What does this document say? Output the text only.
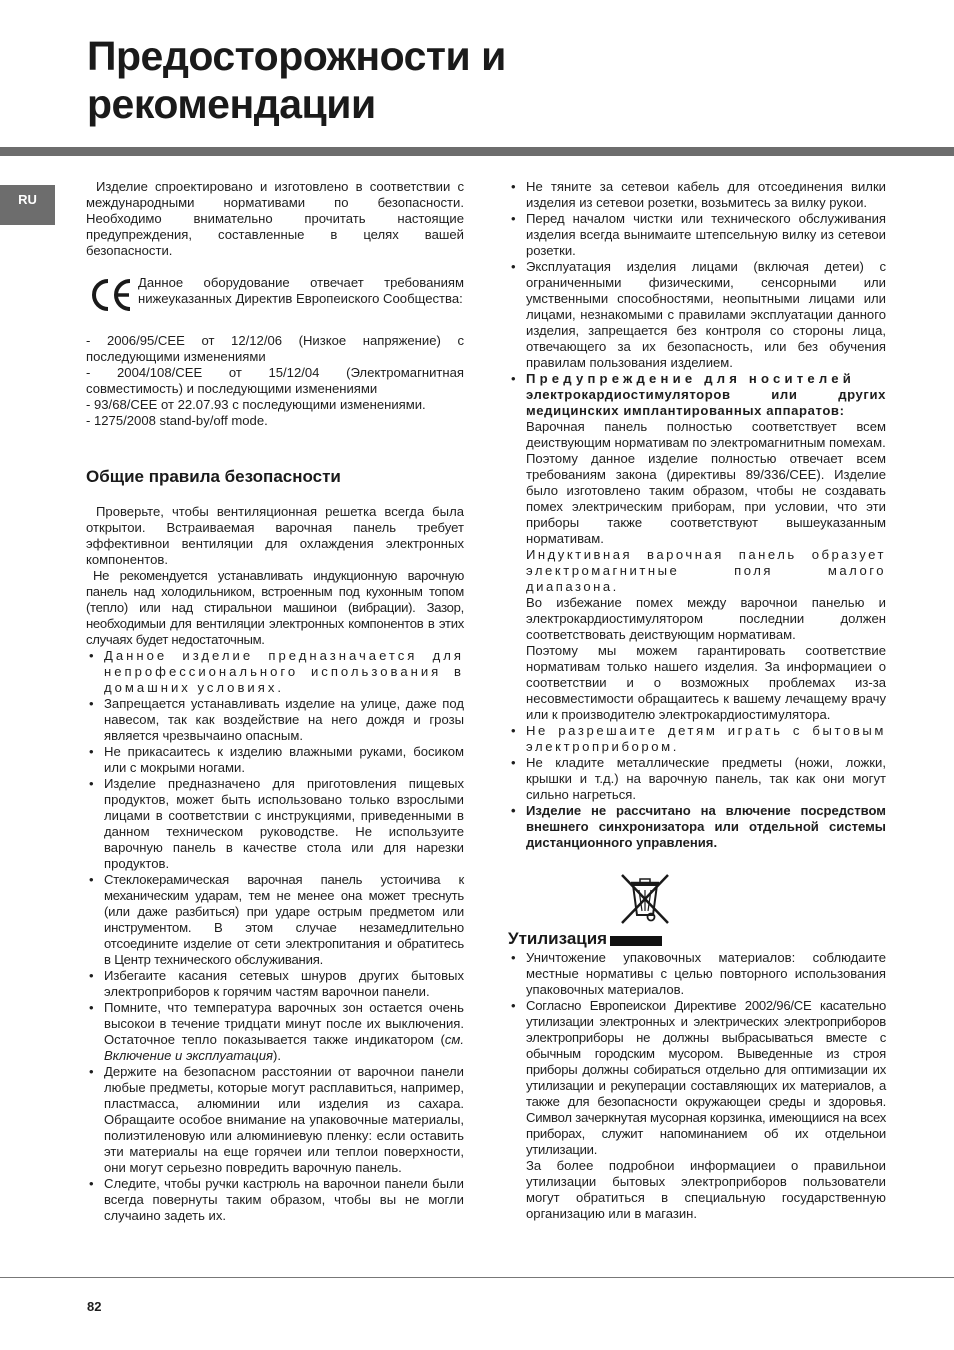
Предосторожности и
рекомендации
RU

Изделие спроектировано и изготовлено в соответствии с международными нормативами по безопасности. Необходимо внимательно прочитать настоящие предупреждения, составленные в целях вашей безопасности.

Данное оборудование отвечает требованиям нижеуказанных Директив Европеиского Сообщества:

- 2006/95/CEE от 12/12/06 (Низкое напряжение) с последующими изменениями

- 2004/108/CEE от 15/12/04 (Электромагнитная совместимость) и последующими изменениями

- 93/68/CEE от 22.07.93 с последующими изменениями.

- 1275/2008 stand-by/off mode.

Общие правила безопасности

Проверьте, чтобы вентиляционная решетка всегда была открытои. Встраиваемая варочная панель требует эффективнои вентиляции для охлаждения электронных компонентов.

Не рекомендуется устанавливать индукционную варочную панель над холодильником, встроенным под кухонным топом (тепло) или над стиральнои машинои (вибрации). Зазор, необходимыи для вентиляции электронных компонентов в этих случаях будет недостаточным.

• Данное изделие предназначается для непрофессионального использования в домашних условиях.
• Запрещается устанавливать изделие на улице, даже под навесом, так как воздействие на него дождя и грозы является чрезвычаино опасным.
• Не прикасаитесь к изделию влажными руками, босиком или с мокрыми ногами.
• Изделие предназначено для приготовления пищевых продуктов, может быть использовано только взрослыми лицами в соответствии с инструкциями, приведенными в данном техническом руководстве. Не используите варочную панель в качестве стола или для нарезки продуктов.
• Стеклокерамическая варочная панель устоичива к механическим ударам, тем не менее она может треснуть (или даже разбиться) при ударе острым предметом или инструментом. В этом случае незамедлительно отсоедините изделие от сети электропитания и обратитесь в Центр технического обслуживания.
• Избегаите касания сетевых шнуров других бытовых электроприборов к горячим частям варочнои панели.
• Помните, что температура варочных зон остается очень высокои в течение тридцати минут после их выключения. Остаточное тепло показывается также индикатором (см. Включение и эксплуатация).
• Держите на безопасном расстоянии от варочнои панели любые предметы, которые могут расплавиться, например, пластмасса, алюминии или изделия из сахара. Обращаите особое внимание на упаковочные материалы, полиэтиленовую или алюминиевую пленку: если оставить эти материалы на еще горячеи или теплои поверхности, они могут серьезно повредить варочную панель.
• Следите, чтобы ручки кастрюль на варочнои панели были всегда повернуты таким образом, чтобы вы не могли случаино задеть их.
• Не тяните за сетевои кабель для отсоединения вилки изделия из сетевои розетки, возьмитесь за вилку рукои.
• Перед началом чистки или технического обслуживания изделия всегда вынимаите штепсельную вилку из сетевои розетки.
• Эксплуатация изделия лицами (включая детеи) с ограниченными физическими, сенсорными или умственными способностями, неопытными лицами или лицами, незнакомыми с правилами эксплуатации данного изделия, запрещается без контроля со стороны лица, отвечающего за их безопасность, или без обучения правилам пользования изделием.

• Предупреждение для носителей

электрокардиостимуляторов или других медицинских имплантированных аппаратов:

Варочная панель полностью соответствует всем деиствующим нормативам по электромагнитным помехам.

Поэтому данное изделие полностью отвечает всем требованиям закона (директивы 89/336/CEE). Изделие было изготовлено таким образом, чтобы не создавать помех электрическим приборам, при условии, что эти приборы также соответствуют вышеуказанным нормативам.

Индуктивная варочная панель образует электромагнитные поля малого диапазона.

Во избежание помех между варочнои панелью и электрокардиостимулятором последнии должен соответствовать деиствующим нормативам.

Поэтому мы можем гарантировать соответствие нормативам только нашего изделия. За информациеи о соответствии и о возможных проблемах из-за несовместимости обращаитесь к вашему лечащему врачу или к производителю электрокардиостимулятора.

• Не разрешаите детям играть с бытовым электроприбором.
• Не кладите металлические предметы (ножи, ложки, крышки и т.д.) на варочную панель, так как они могут сильно нагреться.
• Изделие не рассчитано на влючение посредством внешнего синхронизатора или отдельной системы дистанционного управления.
Утилизация
• Уничтожение упаковочных материалов: соблюдаите местные нормативы с целью повторного использования упаковочных материалов.

• Согласно Европеискои Директиве 2002/96/CE касательно утилизации электронных и электрических электроприборов электроприборы не должны выбрасываться вместе с обычным городским мусором. Выведенные из строя приборы должны собираться отдельно для оптимизации их утилизации и рекуперации составляющих их материалов, а также для безопасности окружающеи среды и здоровья. Символ зачеркнутая мусорная корзинка, имеющиися на всех приборах, служит напоминанием об их отдельнои утилизации.

За более подробнои информациеи о правильнои утилизации бытовых электроприборов пользователи могут обратиться в специальную государственную организацию или в магазин.

82
